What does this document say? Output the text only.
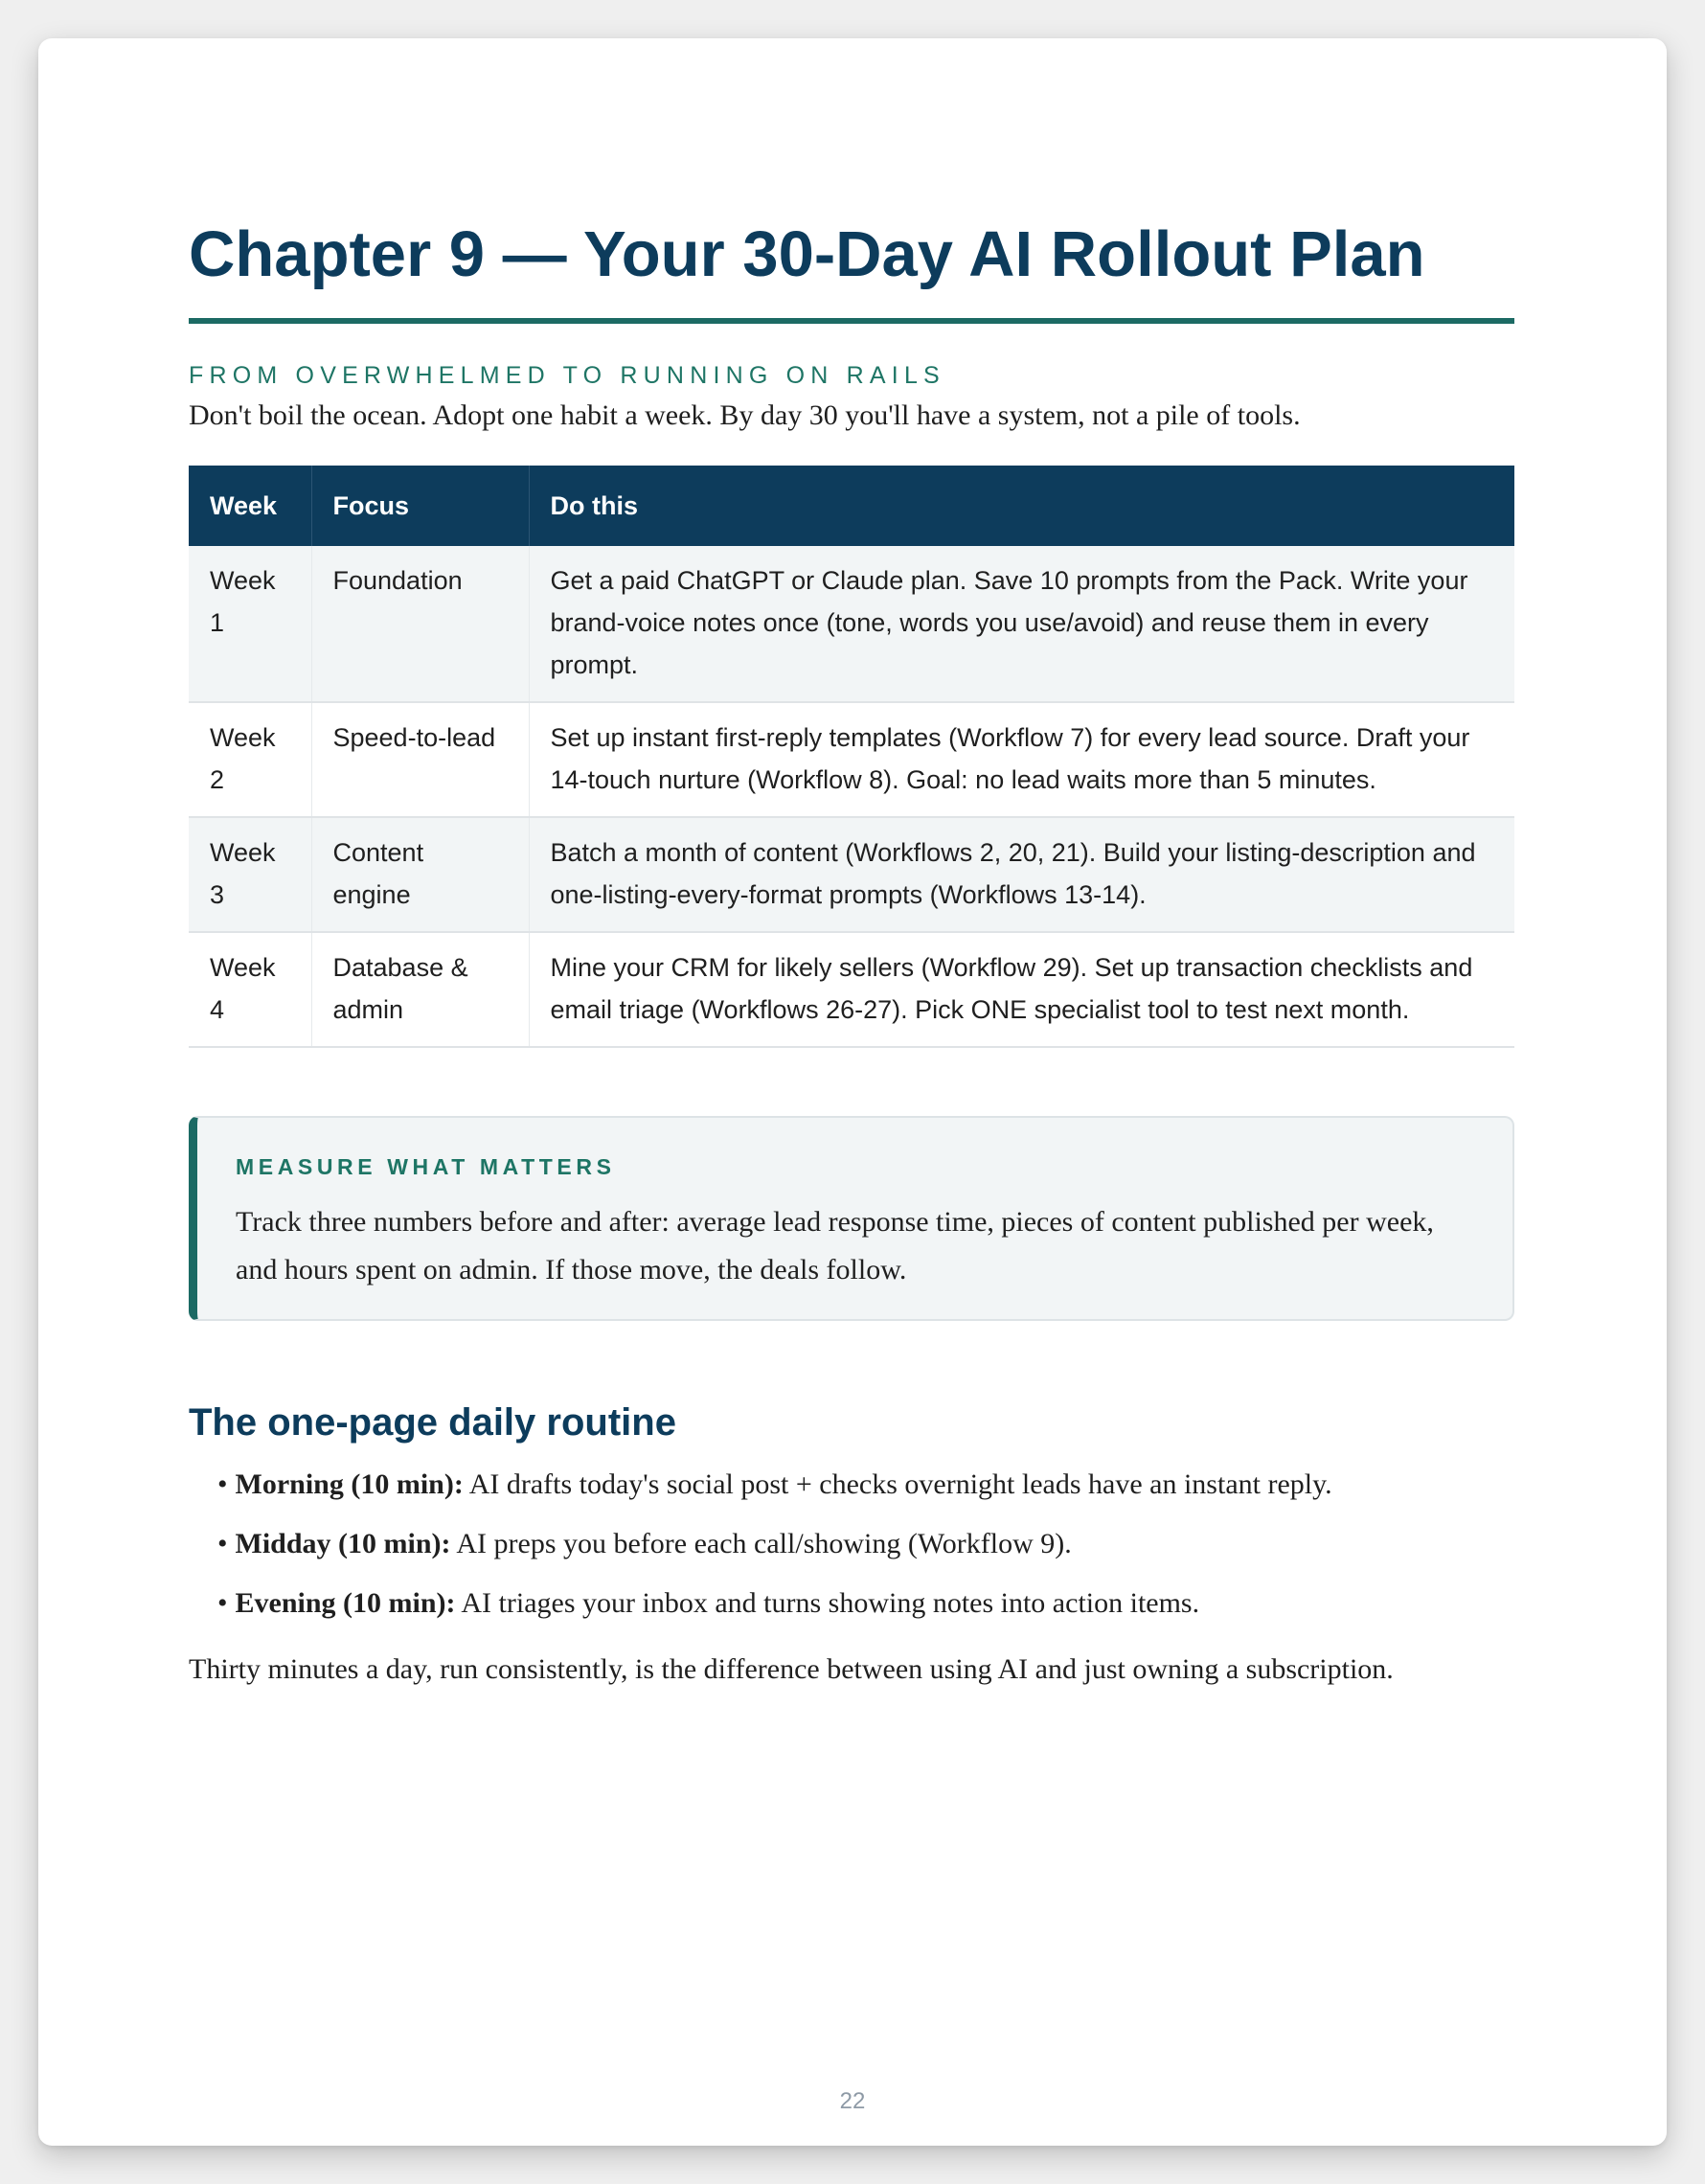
Chapter 9 — Your 30-Day AI Rollout Plan
FROM OVERWHELMED TO RUNNING ON RAILS
Don't boil the ocean. Adopt one habit a week. By day 30 you'll have a system, not a pile of tools.
Week	Focus	Do this
Week 1	Foundation	Get a paid ChatGPT or Claude plan. Save 10 prompts from the Pack. Write your brand-voice notes once (tone, words you use/avoid) and reuse them in every prompt.
Week 2	Speed-to-lead	Set up instant first-reply templates (Workflow 7) for every lead source. Draft your 14-touch nurture (Workflow 8). Goal: no lead waits more than 5 minutes.
Week 3	Content engine	Batch a month of content (Workflows 2, 20, 21). Build your listing-description and one-listing-every-format prompts (Workflows 13-14).
Week 4	Database & admin	Mine your CRM for likely sellers (Workflow 29). Set up transaction checklists and email triage (Workflows 26-27). Pick ONE specialist tool to test next month.
MEASURE WHAT MATTERS
Track three numbers before and after: average lead response time, pieces of content published per week, and hours spent on admin. If those move, the deals follow.
The one-page daily routine
• Morning (10 min): AI drafts today's social post + checks overnight leads have an instant reply.
• Midday (10 min): AI preps you before each call/showing (Workflow 9).
• Evening (10 min): AI triages your inbox and turns showing notes into action items.
Thirty minutes a day, run consistently, is the difference between using AI and just owning a subscription.
22
